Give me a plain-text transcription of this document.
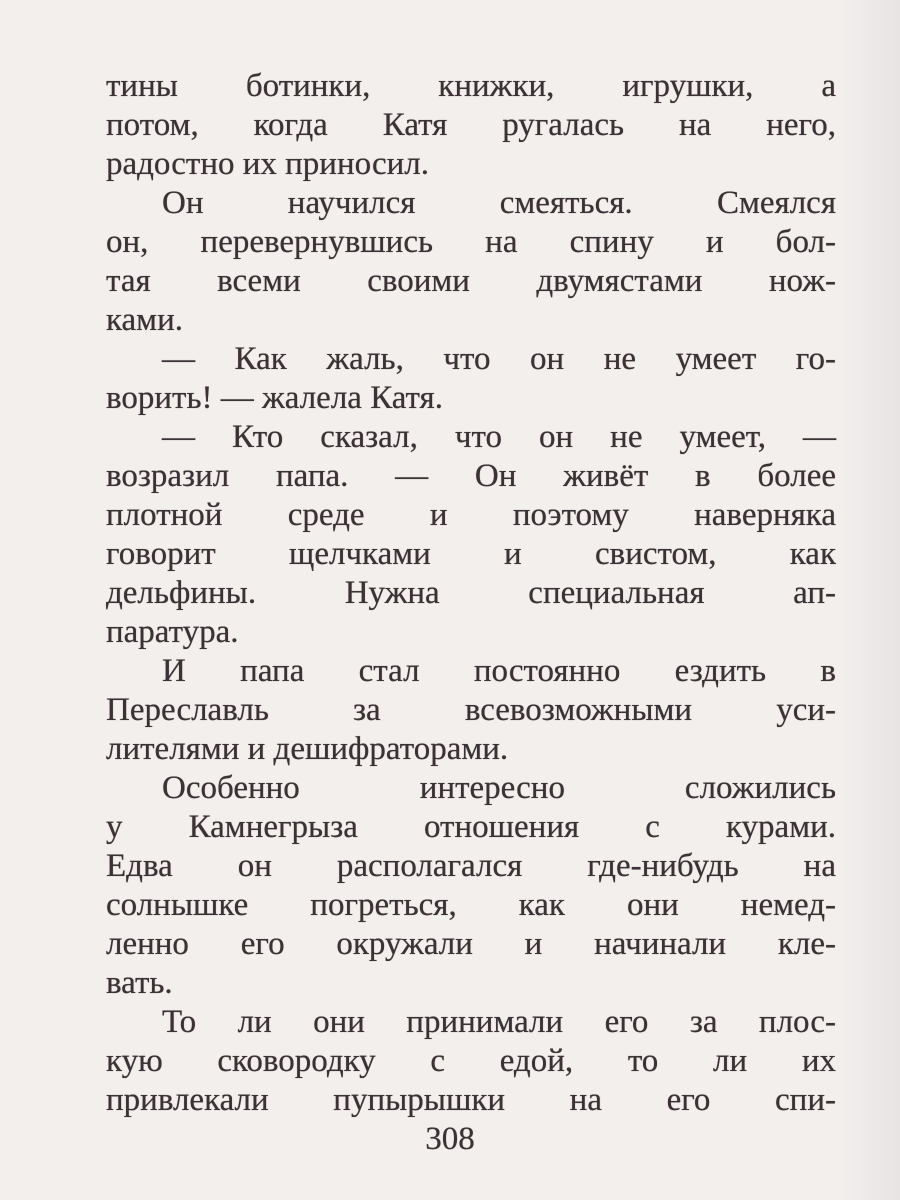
тины ботинки, книжки, игрушки, а
потом, когда Катя ругалась на него,
радостно их приносил.
Он научился смеяться. Смеялся
он, перевернувшись на спину и бол-
тая всеми своими двумястами нож-
ками.
— Как жаль, что он не умеет го-
ворить! — жалела Катя.
— Кто сказал, что он не умеет, —
возразил папа. — Он живёт в более
плотной среде и поэтому наверняка
говорит щелчками и свистом, как
дельфины. Нужна специальная ап-
паратура.
И папа стал постоянно ездить в
Переславль за всевозможными уси-
лителями и дешифраторами.
Особенно интересно сложились
у Камнегрыза отношения с курами.
Едва он располагался где-нибудь на
солнышке погреться, как они немед-
ленно его окружали и начинали кле-
вать.
То ли они принимали его за плос-
кую сковородку с едой, то ли их
привлекали пупырышки на его спи-
308
